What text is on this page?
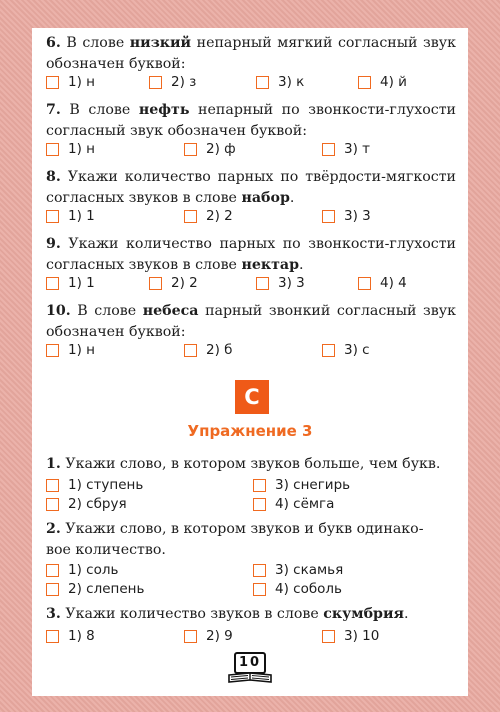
6. В слове низкий непарный мягкий согласный звук обозначен буквой:
1) н	2) з	3) к	4) й
7. В слове нефть непарный по звонкости-глухости согласный звук обозначен буквой:
1) н	2) ф	3) т
8. Укажи количество парных по твёрдости-мягкости согласных звуков в слове набор.
1) 1	2) 2	3) 3
9. Укажи количество парных по звонкости-глухости согласных звуков в слове нектар.
1) 1	2) 2	3) 3	4) 4
10. В слове небеса парный звонкий согласный звук обозначен буквой:
1) н	2) б	3) с
С
Упражнение 3
1. Укажи слово, в котором звуков больше, чем букв.
1) ступень	3) снегирь
2) сбруя	4) сёмга
2. Укажи слово, в котором звуков и букв одинако-
вое количество.
1) соль	3) скамья
2) слепень	4) соболь
3. Укажи количество звуков в слове скумбрия.
1) 8	2) 9	3) 10
10
